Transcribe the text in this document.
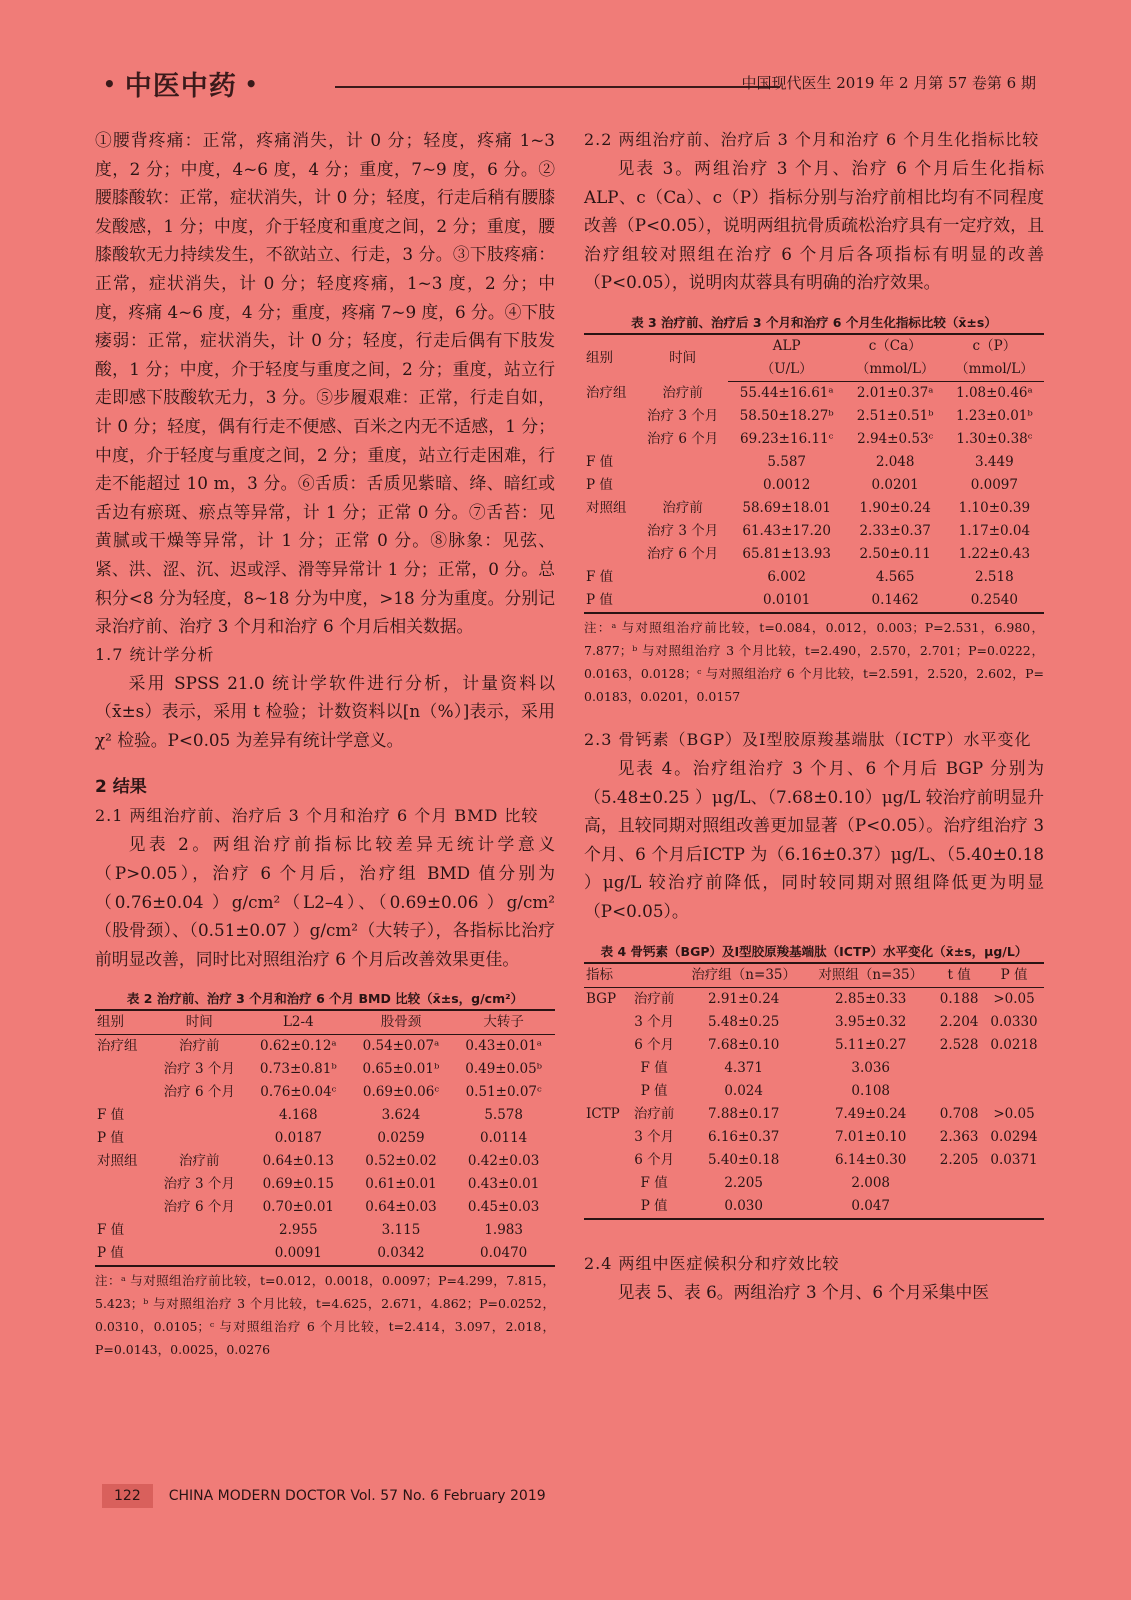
• 中医中药 •	中国现代医生 2019 年 2 月第 57 卷第 6 期

①腰背疼痛：正常，疼痛消失，计 0 分；轻度，疼痛 1~3 度，2 分；中度，4~6 度，4 分；重度，7~9 度，6 分。②腰膝酸软：正常，症状消失，计 0 分；轻度，行走后稍有腰膝发酸感，1 分；中度，介于轻度和重度之间，2 分；重度，腰膝酸软无力持续发生，不欲站立、行走，3 分。③下肢疼痛：正常，症状消失，计 0 分；轻度疼痛，1~3 度，2 分；中度，疼痛 4~6 度，4 分；重度，疼痛 7~9 度，6 分。④下肢痿弱：正常，症状消失，计 0 分；轻度，行走后偶有下肢发酸，1 分；中度，介于轻度与重度之间，2 分；重度，站立行走即感下肢酸软无力，3 分。⑤步履艰难：正常，行走自如，计 0 分；轻度，偶有行走不便感、百米之内无不适感，1 分；中度，介于轻度与重度之间，2 分；重度，站立行走困难，行走不能超过 10 m，3 分。⑥舌质：舌质见紫暗、绛、暗红或舌边有瘀斑、瘀点等异常，计 1 分；正常 0 分。⑦舌苔：见黄腻或干燥等异常，计 1 分；正常 0 分。⑧脉象：见弦、紧、洪、涩、沉、迟或浮、滑等异常计 1 分；正常，0 分。总积分<8 分为轻度，8~18 分为中度，>18 分为重度。分别记录治疗前、治疗 3 个月和治疗 6 个月后相关数据。

1.7 统计学分析

采用 SPSS 21.0 统计学软件进行分析，计量资料以（x̄±s）表示，采用 t 检验；计数资料以[n（%）]表示，采用 χ² 检验。P<0.05 为差异有统计学意义。

2 结果
2.1 两组治疗前、治疗后 3 个月和治疗 6 个月 BMD 比较

见表 2。两组治疗前指标比较差异无统计学意义（P>0.05），治疗 6 个月后，治疗组 BMD 值分别为（0.76±0.04 ）g/cm²（L2–4）、（0.69±0.06 ）g/cm²（股骨颈）、（0.51±0.07 ）g/cm²（大转子），各指标比治疗前明显改善，同时比对照组治疗 6 个月后改善效果更佳。

表 2 治疗前、治疗 3 个月和治疗 6 个月 BMD 比较（x̄±s，g/cm²）
组别	时间	L2-4	股骨颈	大转子
治疗组	治疗前	0.62±0.12ᵃ	0.54±0.07ᵃ	0.43±0.01ᵃ
	治疗 3 个月	0.73±0.81ᵇ	0.65±0.01ᵇ	0.49±0.05ᵇ
	治疗 6 个月	0.76±0.04ᶜ	0.69±0.06ᶜ	0.51±0.07ᶜ
F 值		4.168	3.624	5.578
P 值		0.0187	0.0259	0.0114
对照组	治疗前	0.64±0.13	0.52±0.02	0.42±0.03
	治疗 3 个月	0.69±0.15	0.61±0.01	0.43±0.01
	治疗 6 个月	0.70±0.01	0.64±0.03	0.45±0.03
F 值		2.955	3.115	1.983
P 值		0.0091	0.0342	0.0470
注：ᵃ 与对照组治疗前比较，t=0.012，0.0018，0.0097；P=4.299，7.815，5.423；ᵇ 与对照组治疗 3 个月比较，t=4.625，2.671，4.862；P=0.0252，0.0310，0.0105；ᶜ 与对照组治疗 6 个月比较，t=2.414，3.097，2.018，P=0.0143，0.0025，0.0276
2.2 两组治疗前、治疗后 3 个月和治疗 6 个月生化指标比较

见表 3。两组治疗 3 个月、治疗 6 个月后生化指标 ALP、c（Ca）、c（P）指标分别与治疗前相比均有不同程度改善（P<0.05），说明两组抗骨质疏松治疗具有一定疗效，且治疗组较对照组在治疗 6 个月后各项指标有明显的改善（P<0.05），说明肉苁蓉具有明确的治疗效果。

表 3 治疗前、治疗后 3 个月和治疗 6 个月生化指标比较（x̄±s）
组别	时间	ALP	c（Ca）	c（P）
		（U/L）	（mmol/L）	（mmol/L）
治疗组	治疗前	55.44±16.61ᵃ	2.01±0.37ᵃ	1.08±0.46ᵃ
	治疗 3 个月	58.50±18.27ᵇ	2.51±0.51ᵇ	1.23±0.01ᵇ
	治疗 6 个月	69.23±16.11ᶜ	2.94±0.53ᶜ	1.30±0.38ᶜ
F 值		5.587	2.048	3.449
P 值		0.0012	0.0201	0.0097
对照组	治疗前	58.69±18.01	1.90±0.24	1.10±0.39
	治疗 3 个月	61.43±17.20	2.33±0.37	1.17±0.04
	治疗 6 个月	65.81±13.93	2.50±0.11	1.22±0.43
F 值		6.002	4.565	2.518
P 值		0.0101	0.1462	0.2540
注：ᵃ 与对照组治疗前比较，t=0.084，0.012，0.003；P=2.531，6.980，7.877；ᵇ 与对照组治疗 3 个月比较，t=2.490，2.570，2.701；P=0.0222，0.0163，0.0128；ᶜ 与对照组治疗 6 个月比较，t=2.591，2.520，2.602，P= 0.0183，0.0201，0.0157
2.3 骨钙素（BGP）及Ⅰ型胶原羧基端肽（ⅠCTP）水平变化

见表 4。治疗组治疗 3 个月、6 个月后 BGP 分别为（5.48±0.25 ）μg/L、（7.68±0.10）μg/L 较治疗前明显升高，且较同期对照组改善更加显著（P<0.05）。治疗组治疗 3 个月、6 个月后ⅠCTP 为（6.16±0.37）μg/L、（5.40±0.18 ）μg/L 较治疗前降低，同时较同期对照组降低更为明显（P<0.05）。

表 4 骨钙素（BGP）及Ⅰ型胶原羧基端肽（ⅠCTP）水平变化（x̄±s，μg/L）
指标		治疗组（n=35）	对照组（n=35）	t 值	P 值
BGP	治疗前	2.91±0.24	2.85±0.33	0.188	>0.05
	3 个月	5.48±0.25	3.95±0.32	2.204	0.0330
	6 个月	7.68±0.10	5.11±0.27	2.528	0.0218
	F 值	4.371	3.036		
	P 值	0.024	0.108		
ⅠCTP	治疗前	7.88±0.17	7.49±0.24	0.708	>0.05
	3 个月	6.16±0.37	7.01±0.10	2.363	0.0294
	6 个月	5.40±0.18	6.14±0.30	2.205	0.0371
	F 值	2.205	2.008		
	P 值	0.030	0.047		
2.4 两组中医症候积分和疗效比较

见表 5、表 6。两组治疗 3 个月、6 个月采集中医

122 CHINA MODERN DOCTOR Vol. 57 No. 6 February 2019
